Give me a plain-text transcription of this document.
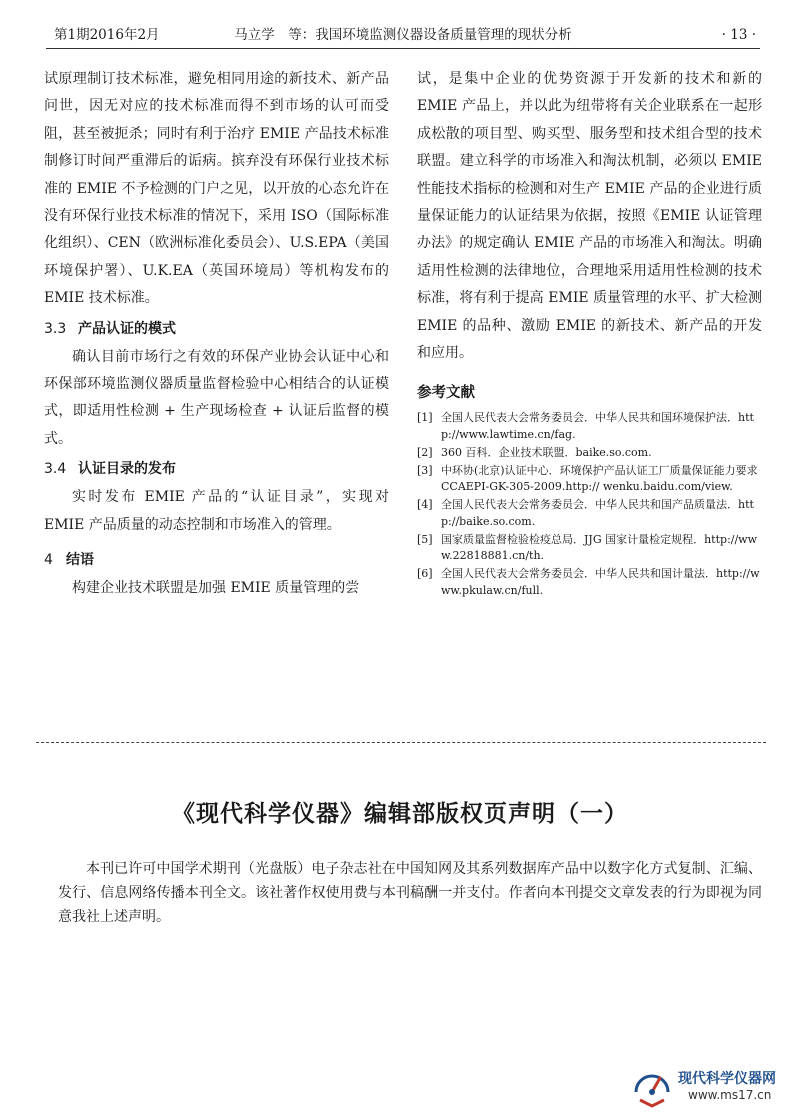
第1期2016年2月	马立学　等：我国环境监测仪器设备质量管理的现状分析	· 13 ·

试原理制订技术标准，避免相同用途的新技术、新产品问世，因无对应的技术标准而得不到市场的认可而受阻，甚至被扼杀；同时有利于治疗 EMIE 产品技术标准制修订时间严重滞后的诟病。摈弃没有环保行业技术标准的 EMIE 不予检测的门户之见，以开放的心态允许在没有环保行业技术标准的情况下，采用 ISO（国际标准化组织）、CEN（欧洲标准化委员会）、U.S.EPA（美国环境保护署）、U.K.EA（英国环境局）等机构发布的 EMIE 技术标准。

3.3 产品认证的模式

确认目前市场行之有效的环保产业协会认证中心和环保部环境监测仪器质量监督检验中心相结合的认证模式，即适用性检测 + 生产现场检查 + 认证后监督的模式。

3.4 认证目录的发布

实时发布 EMIE 产品的“认证目录”，实现对 EMIE 产品质量的动态控制和市场准入的管理。

4 结语

构建企业技术联盟是加强 EMIE 质量管理的尝

试，是集中企业的优势资源于开发新的技术和新的 EMIE 产品上，并以此为纽带将有关企业联系在一起形成松散的项目型、购买型、服务型和技术组合型的技术联盟。建立科学的市场准入和淘汰机制，必须以 EMIE 性能技术指标的检测和对生产 EMIE 产品的企业进行质量保证能力的认证结果为依据，按照《EMIE 认证管理办法》的规定确认 EMIE 产品的市场准入和淘汰。明确适用性检测的法律地位，合理地采用适用性检测的技术标准，将有利于提高 EMIE 质量管理的水平、扩大检测 EMIE 的品种、激励 EMIE 的新技术、新产品的开发和应用。

参考文献
[1] 全国人民代表大会常务委员会．中华人民共和国环境保护法．http://www.lawtime.cn/fag.
[2] 360 百科．企业技术联盟．baike.so.com.
[3] 中环协(北京)认证中心．环境保护产品认证工厂质量保证能力要求 CCAEPI-GK-305-2009.http:// wenku.baidu.com/view.
[4] 全国人民代表大会常务委员会．中华人民共和国产品质量法．http://baike.so.com.
[5] 国家质量监督检验检疫总局．JJG 国家计量检定规程．http://www.22818881.cn/th.
[6] 全国人民代表大会常务委员会．中华人民共和国计量法．http://www.pkulaw.cn/full.
《现代科学仪器》编辑部版权页声明（一）

本刊已许可中国学术期刊（光盘版）电子杂志社在中国知网及其系列数据库产品中以数字化方式复制、汇编、发行、信息网络传播本刊全文。该社著作权使用费与本刊稿酬一并支付。作者向本刊提交文章发表的行为即视为同意我社上述声明。

现代科学仪器网
www.ms17.cn
